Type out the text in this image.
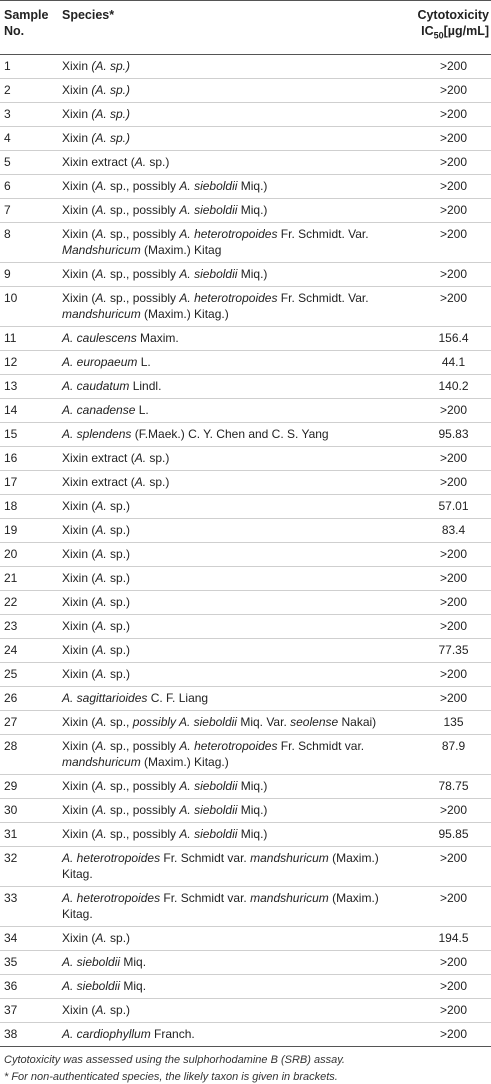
Sample No.	Species*	Cytotoxicity
$IC_{50}[\mu g/mL]$
1	Xixin (A. sp.)	>200
2	Xixin (A. sp.)	>200
3	Xixin (A. sp.)	>200
4	Xixin (A. sp.)	>200
5	Xixin extract (A. sp.)	>200
6	Xixin (A. sp., possibly A. sieboldii Miq.)	>200
7	Xixin (A. sp., possibly A. sieboldii Miq.)	>200
8	Xixin (A. sp., possibly A. heterotropoides Fr. Schmidt. Var. Mandshuricum (Maxim.) Kitag	>200
9	Xixin (A. sp., possibly A. sieboldii Miq.)	>200
10	Xixin (A. sp., possibly A. heterotropoides Fr. Schmidt. Var. mandshuricum (Maxim.) Kitag.)	>200
11	A. caulescens Maxim.	156.4
12	A. europaeum L.	44.1
13	A. caudatum Lindl.	140.2
14	A. canadense L.	>200
15	A. splendens (F.Maek.) C. Y. Chen and C. S. Yang	95.83
16	Xixin extract (A. sp.)	>200
17	Xixin extract (A. sp.)	>200
18	Xixin (A. sp.)	57.01
19	Xixin (A. sp.)	83.4
20	Xixin (A. sp.)	>200
21	Xixin (A. sp.)	>200
22	Xixin (A. sp.)	>200
23	Xixin (A. sp.)	>200
24	Xixin (A. sp.)	77.35
25	Xixin (A. sp.)	>200
26	A. sagittarioides C. F. Liang	>200
27	Xixin (A. sp., possibly A. sieboldii Miq. Var. seolense Nakai)	135
28	Xixin (A. sp., possibly A. heterotropoides Fr. Schmidt var. mandshuricum (Maxim.) Kitag.)	87.9
29	Xixin (A. sp., possibly A. sieboldii Miq.)	78.75
30	Xixin (A. sp., possibly A. sieboldii Miq.)	>200
31	Xixin (A. sp., possibly A. sieboldii Miq.)	95.85
32	A. heterotropoides Fr. Schmidt var. mandshuricum (Maxim.) Kitag.	>200
33	A. heterotropoides Fr. Schmidt var. mandshuricum (Maxim.) Kitag.	>200
34	Xixin (A. sp.)	194.5
35	A. sieboldii Miq.	>200
36	A. sieboldii Miq.	>200
37	Xixin (A. sp.)	>200
38	A. cardiophyllum Franch.	>200

Cytotoxicity was assessed using the sulphorhodamine B (SRB) assay.

* For non-authenticated species, the likely taxon is given in brackets.
